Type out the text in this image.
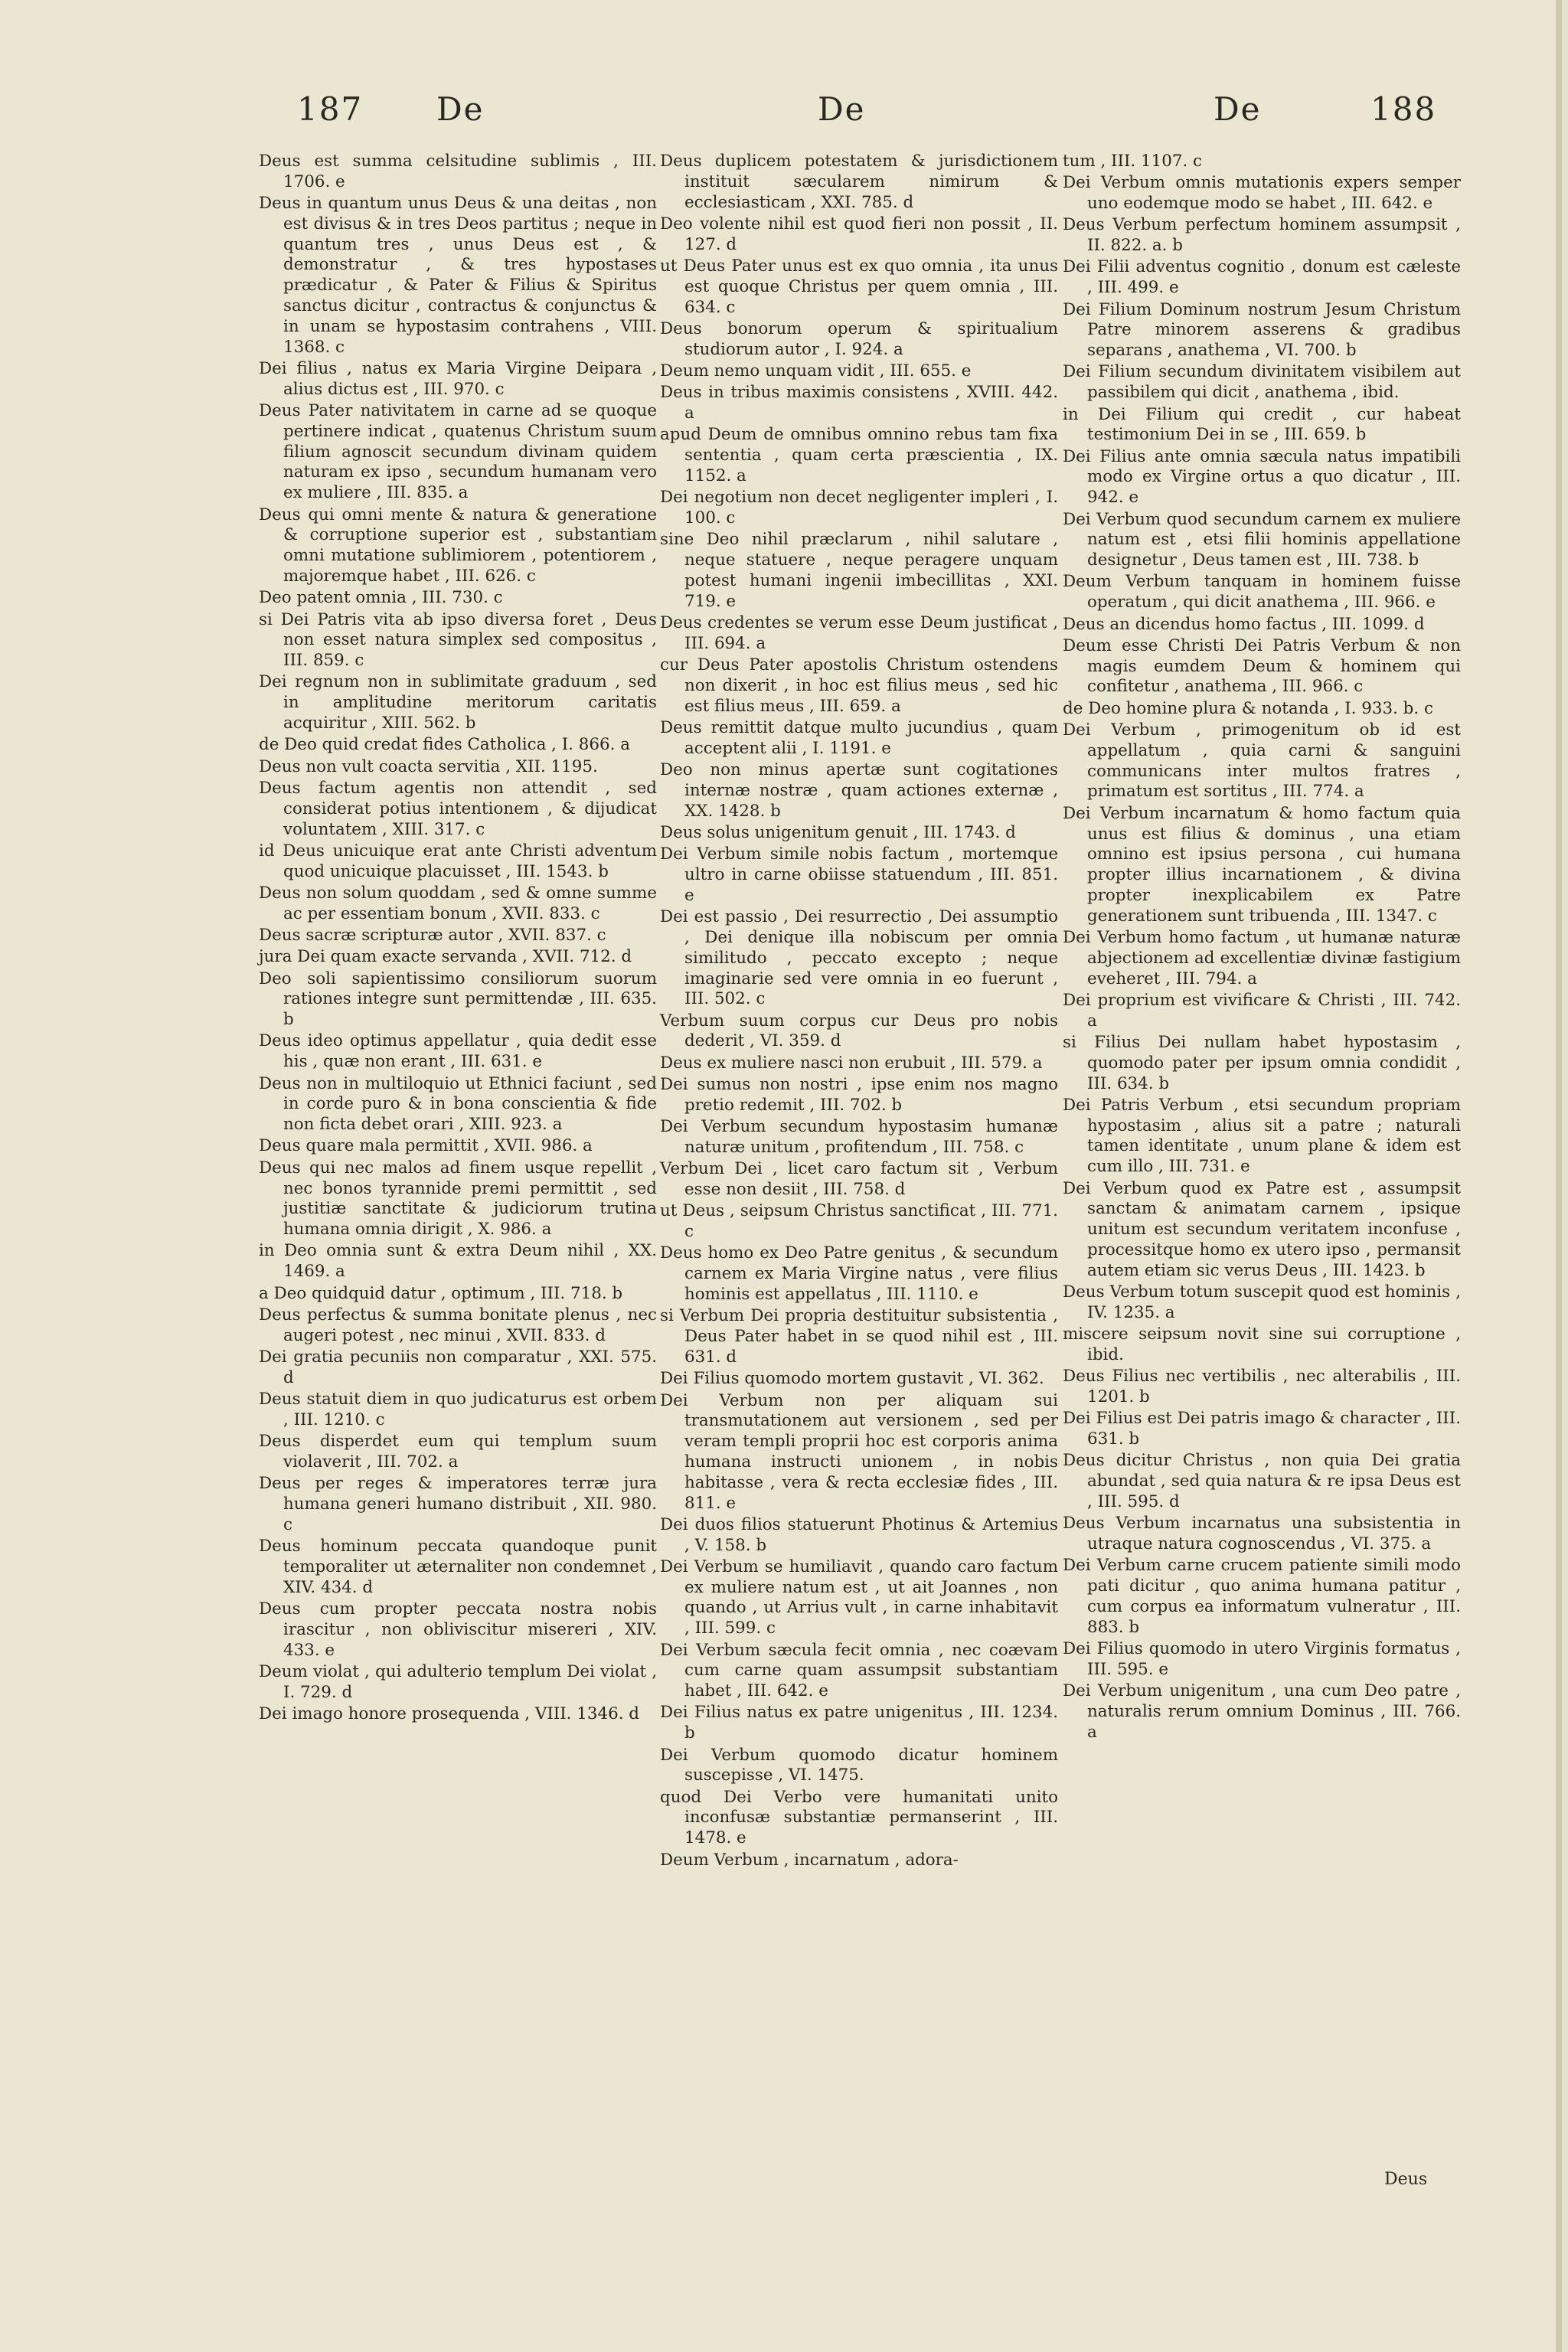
187 De	De	De	188

Deus est summa celsitudine sublimis , III. 1706. e

Deus in quantum unus Deus & una deitas , non est divisus & in tres Deos partitus ; neque in quantum tres , unus Deus est , & demonstratur , & tres hypostases prædicatur , & Pater & Filius & Spiritus sanctus dicitur , contractus & conjunctus & in unam se hypostasim contrahens , VIII. 1368. c

Dei filius , natus ex Maria Virgine Deipara , alius dictus est , III. 970. c

Deus Pater nativitatem in carne ad se quoque pertinere indicat , quatenus Christum suum filium agnoscit secundum divinam quidem naturam ex ipso , secundum humanam vero ex muliere , III. 835. a

Deus qui omni mente & natura & generatione & corruptione superior est , substantiam omni mutatione sublimiorem , potentiorem , majoremque habet , III. 626. c

Deo patent omnia , III. 730. c

si Dei Patris vita ab ipso diversa foret , Deus non esset natura simplex sed compositus , III. 859. c

Dei regnum non in sublimitate graduum , sed in amplitudine meritorum caritatis acquiritur , XIII. 562. b

de Deo quid credat fides Catholica , I. 866. a

Deus non vult coacta servitia , XII. 1195.

Deus factum agentis non attendit , sed considerat potius intentionem , & dijudicat voluntatem , XIII. 317. c

id Deus unicuique erat ante Christi adventum quod unicuique placuisset , III. 1543. b

Deus non solum quoddam , sed & omne summe ac per essentiam bonum , XVII. 833. c

Deus sacræ scripturæ autor , XVII. 837. c

jura Dei quam exacte servanda , XVII. 712. d

Deo soli sapientissimo consiliorum suorum rationes integre sunt permittendæ , III. 635. b

Deus ideo optimus appellatur , quia dedit esse his , quæ non erant , III. 631. e

Deus non in multiloquio ut Ethnici faciunt , sed in corde puro & in bona conscientia & fide non ficta debet orari , XIII. 923. a

Deus quare mala permittit , XVII. 986. a

Deus qui nec malos ad finem usque repellit , nec bonos tyrannide premi permittit , sed justitiæ sanctitate & judiciorum trutina humana omnia dirigit , X. 986. a

in Deo omnia sunt & extra Deum nihil , XX. 1469. a

a Deo quidquid datur , optimum , III. 718. b

Deus perfectus & summa bonitate plenus , nec augeri potest , nec minui , XVII. 833. d

Dei gratia pecuniis non comparatur , XXI. 575. d

Deus statuit diem in quo judicaturus est orbem , III. 1210. c

Deus disperdet eum qui templum suum violaverit , III. 702. a

Deus per reges & imperatores terræ jura humana generi humano distribuit , XII. 980. c

Deus hominum peccata quandoque punit temporaliter ut æternaliter non condemnet , XIV. 434. d

Deus cum propter peccata nostra nobis irascitur , non obliviscitur misereri , XIV. 433. e

Deum violat , qui adulterio templum Dei violat , I. 729. d

Dei imago honore prosequenda , VIII. 1346. d

Deus duplicem potestatem & jurisdictionem instituit sæcularem nimirum & ecclesiasticam , XXI. 785. d

Deo volente nihil est quod fieri non possit , II. 127. d

ut Deus Pater unus est ex quo omnia , ita unus est quoque Christus per quem omnia , III. 634. c

Deus bonorum operum & spiritualium studiorum autor , I. 924. a

Deum nemo unquam vidit , III. 655. e

Deus in tribus maximis consistens , XVIII. 442. a

apud Deum de omnibus omnino rebus tam fixa sententia , quam certa præscientia , IX. 1152. a

Dei negotium non decet negligenter impleri , I. 100. c

sine Deo nihil præclarum , nihil salutare , neque statuere , neque peragere unquam potest humani ingenii imbecillitas , XXI. 719. e

Deus credentes se verum esse Deum justificat , III. 694. a

cur Deus Pater apostolis Christum ostendens non dixerit , in hoc est filius meus , sed hic est filius meus , III. 659. a

Deus remittit datque multo jucundius , quam acceptent alii , I. 1191. e

Deo non minus apertæ sunt cogitationes internæ nostræ , quam actiones externæ , XX. 1428. b

Deus solus unigenitum genuit , III. 1743. d

Dei Verbum simile nobis factum , mortemque ultro in carne obiisse statuendum , III. 851. e

Dei est passio , Dei resurrectio , Dei assumptio , Dei denique illa nobiscum per omnia similitudo , peccato excepto ; neque imaginarie sed vere omnia in eo fuerunt , III. 502. c

Verbum suum corpus cur Deus pro nobis dederit , VI. 359. d

Deus ex muliere nasci non erubuit , III. 579. a

Dei sumus non nostri , ipse enim nos magno pretio redemit , III. 702. b

Dei Verbum secundum hypostasim humanæ naturæ unitum , profitendum , III. 758. c

Verbum Dei , licet caro factum sit , Verbum esse non desiit , III. 758. d

ut Deus , seipsum Christus sanctificat , III. 771. c

Deus homo ex Deo Patre genitus , & secundum carnem ex Maria Virgine natus , vere filius hominis est appellatus , III. 1110. e

si Verbum Dei propria destituitur subsistentia , Deus Pater habet in se quod nihil est , III. 631. d

Dei Filius quomodo mortem gustavit , VI. 362.

Dei Verbum non per aliquam sui transmutationem aut versionem , sed per veram templi proprii hoc est corporis anima humana instructi unionem , in nobis habitasse , vera & recta ecclesiæ fides , III. 811. e

Dei duos filios statuerunt Photinus & Artemius , V. 158. b

Dei Verbum se humiliavit , quando caro factum ex muliere natum est , ut ait Joannes , non quando , ut Arrius vult , in carne inhabitavit , III. 599. c

Dei Verbum sæcula fecit omnia , nec coævam cum carne quam assumpsit substantiam habet , III. 642. e

Dei Filius natus ex patre unigenitus , III. 1234. b

Dei Verbum quomodo dicatur hominem suscepisse , VI. 1475.

quod Dei Verbo vere humanitati unito inconfusæ substantiæ permanserint , III. 1478. e

Deum Verbum , incarnatum , adora-

tum , III. 1107. c

Dei Verbum omnis mutationis expers semper uno eodemque modo se habet , III. 642. e

Deus Verbum perfectum hominem assumpsit , II. 822. a. b

Dei Filii adventus cognitio , donum est cæleste , III. 499. e

Dei Filium Dominum nostrum Jesum Christum Patre minorem asserens & gradibus separans , anathema , VI. 700. b

Dei Filium secundum divinitatem visibilem aut passibilem qui dicit , anathema , ibid.

in Dei Filium qui credit , cur habeat testimonium Dei in se , III. 659. b

Dei Filius ante omnia sæcula natus impatibili modo ex Virgine ortus a quo dicatur , III. 942. e

Dei Verbum quod secundum carnem ex muliere natum est , etsi filii hominis appellatione designetur , Deus tamen est , III. 738. b

Deum Verbum tanquam in hominem fuisse operatum , qui dicit anathema , III. 966. e

Deus an dicendus homo factus , III. 1099. d

Deum esse Christi Dei Patris Verbum & non magis eumdem Deum & hominem qui confitetur , anathema , III. 966. c

de Deo homine plura & notanda , I. 933. b. c

Dei Verbum , primogenitum ob id est appellatum , quia carni & sanguini communicans inter multos fratres , primatum est sortitus , III. 774. a

Dei Verbum incarnatum & homo factum quia unus est filius & dominus , una etiam omnino est ipsius persona , cui humana propter illius incarnationem , & divina propter inexplicabilem ex Patre generationem sunt tribuenda , III. 1347. c

Dei Verbum homo factum , ut humanæ naturæ abjectionem ad excellentiæ divinæ fastigium eveheret , III. 794. a

Dei proprium est vivificare & Christi , III. 742. a

si Filius Dei nullam habet hypostasim , quomodo pater per ipsum omnia condidit , III. 634. b

Dei Patris Verbum , etsi secundum propriam hypostasim , alius sit a patre ; naturali tamen identitate , unum plane & idem est cum illo , III. 731. e

Dei Verbum quod ex Patre est , assumpsit sanctam & animatam carnem , ipsique unitum est secundum veritatem inconfuse , processitque homo ex utero ipso , permansit autem etiam sic verus Deus , III. 1423. b

Deus Verbum totum suscepit quod est hominis , IV. 1235. a

miscere seipsum novit sine sui corruptione , ibid.

Deus Filius nec vertibilis , nec alterabilis , III. 1201. b

Dei Filius est Dei patris imago & character , III. 631. b

Deus dicitur Christus , non quia Dei gratia abundat , sed quia natura & re ipsa Deus est , III. 595. d

Deus Verbum incarnatus una subsistentia in utraque natura cognoscendus , VI. 375. a

Dei Verbum carne crucem patiente simili modo pati dicitur , quo anima humana patitur , cum corpus ea informatum vulneratur , III. 883. b

Dei Filius quomodo in utero Virginis formatus , III. 595. e

Dei Verbum unigenitum , una cum Deo patre , naturalis rerum omnium Dominus , III. 766. a

Deus
